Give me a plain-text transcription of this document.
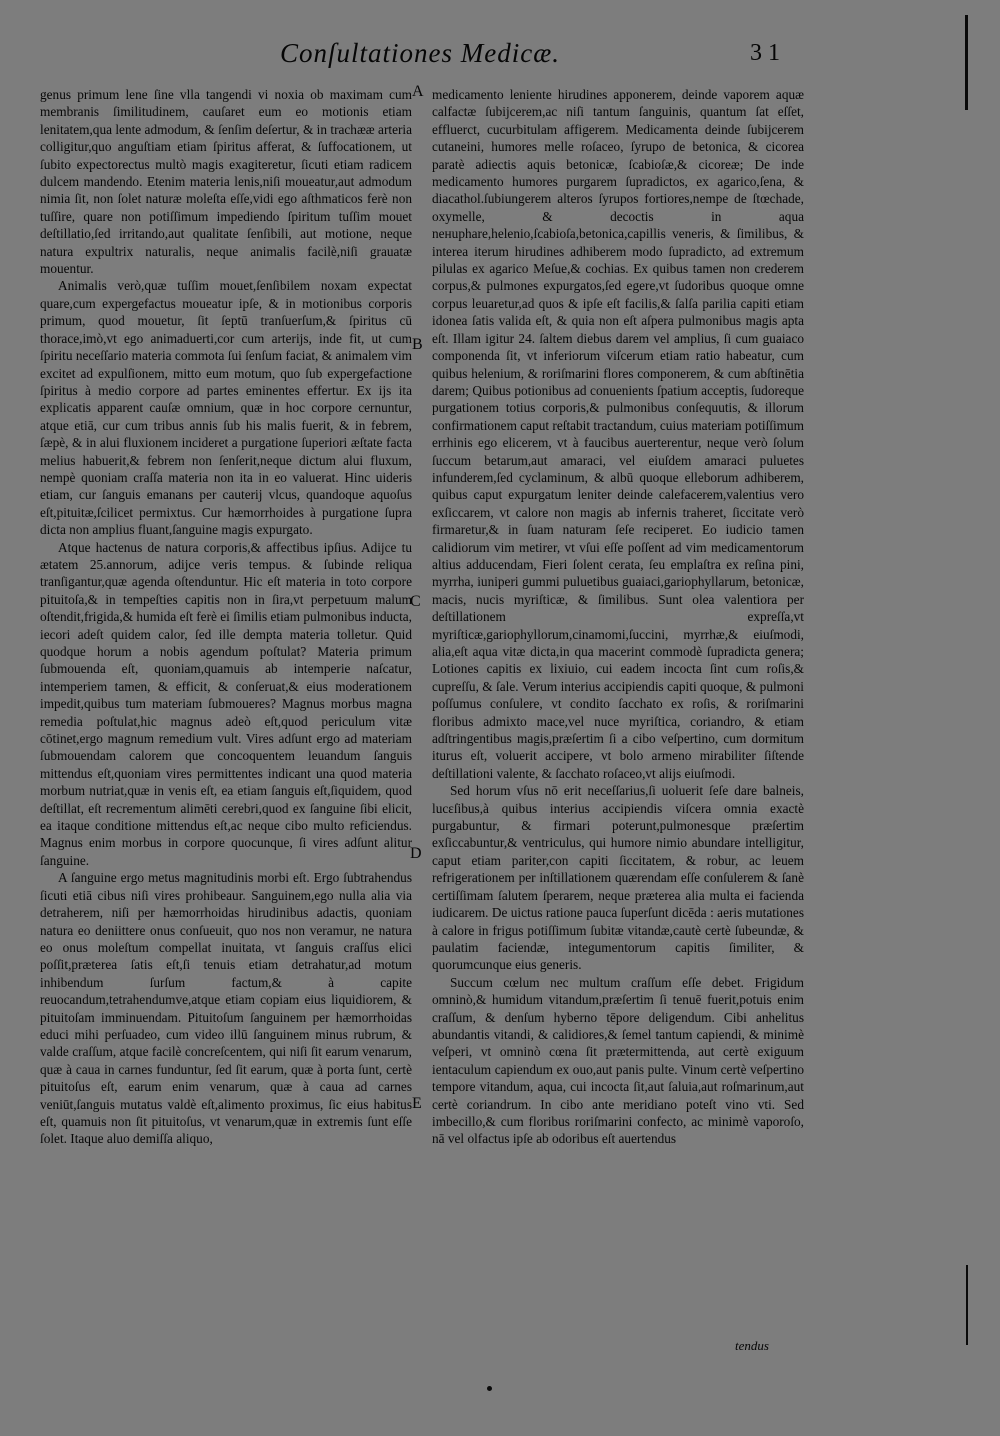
Conſultationes Medicæ.	3 1
A
B
C
D
E

genus primum lene ſine vlla tangendi vi noxia ob maximam cum membranis ſimilitudinem, cauſaret eum eo motionis etiam lenitatem,qua lente admodum, & ſenſim deſertur, & in trachææ arteria colligitur,quo anguſtiam etiam ſpiritus afferat, & ſuffocationem, ut ſubito expectorectus multò magis exagiteretur, ſicuti etiam radicem dulcem mandendo. Etenim materia lenis,niſi moueatur,aut admodum nimia ſit, non ſolet naturæ moleſta eſſe,vidi ego aſthmaticos ferè non tuſſire, quare non potiſſimum impediendo ſpiritum tuſſim mouet deſtillatio,ſed irritando,aut qualitate ſenſibili, aut motione, neque natura expultrix naturalis, neque animalis facilè,niſi grauatæ mouentur.

Animalis verò,quæ tuſſim mouet,ſenſibilem noxam expectat quare,cum expergefactus moueatur ipſe, & in motionibus corporis primum, quod mouetur, ſit ſeptū tranſuerſum,& ſpiritus cū thorace,imò,vt ego animaduerti,cor cum arterijs, inde fit, ut cum ſpiritu neceſſario materia commota ſui ſenſum faciat, & animalem vim excitet ad expulſionem, mitto eum motum, quo ſub expergefactione ſpiritus à medio corpore ad partes eminentes effertur. Ex ijs ita explicatis apparent cauſæ omnium, quæ in hoc corpore cernuntur, atque etiā, cur cum tribus annis ſub his malis fuerit, & in febrem, ſæpè, & in alui fluxionem incideret a purgatione ſuperiori æſtate facta melius habuerit,& febrem non ſenſerit,neque dictum alui fluxum, nempè quoniam craſſa materia non ita in eo valuerat. Hinc uideris etiam, cur ſanguis emanans per cauterij vlcus, quandoque aquoſus eſt,pituitæ,ſcilicet permixtus. Cur hæmorrhoides à purgatione ſupra dicta non amplius fluant,ſanguine magis expurgato.

Atque hactenus de natura corporis,& affectibus ipſius. Adijce tu ætatem 25.annorum, adijce veris tempus. & ſubinde reliqua tranſigantur,quæ agenda oſtenduntur. Hic eſt materia in toto corpore pituitoſa,& in tempeſties capitis non in ſira,vt perpetuum malum oſtendit,frigida,& humida eſt ferè ei ſimilis etiam pulmonibus inducta, iecori adeſt quidem calor, ſed ille dempta materia tolletur. Quid quodque horum a nobis agendum poſtulat? Materia primum ſubmouenda eſt, quoniam,quamuis ab intemperie naſcatur, intemperiem tamen, & efficit, & conſeruat,& eius moderationem impedit,quibus tum materiam ſubmoueres? Magnus morbus magna remedia poſtulat,hic magnus adeò eſt,quod periculum vitæ cōtinet,ergo magnum remedium vult. Vires adſunt ergo ad materiam ſubmouendam calorem que concoquentem leuandum ſanguis mittendus eſt,quoniam vires permittentes indicant una quod materia morbum nutriat,quæ in venis eſt, ea etiam ſanguis eſt,ſiquidem, quod deſtillat, eſt recrementum alimēti cerebri,quod ex ſanguine ſibi elicit, ea itaque conditione mittendus eſt,ac neque cibo multo reficiendus. Magnus enim morbus in corpore quocunque, ſi vires adſunt alitur ſanguine.

A ſanguine ergo metus magnitudinis morbi eſt. Ergo ſubtrahendus ſicuti etiā cibus niſi vires prohibeaur. Sanguinem,ego nulla alia via detraherem, niſi per hæmorrhoidas hirudinibus adactis, quoniam natura eo deniittere onus conſueuit, quo nos non veramur, ne natura eo onus moleſtum compellat inuitata, vt ſanguis craſſus elici poſſit,præterea ſatis eſt,ſi tenuis etiam detrahatur,ad motum inhibendum ſurſum factum,& à capite reuocandum,tetrahendumve,atque etiam copiam eius liquidiorem, & pituitoſam imminuendam. Pituitoſum ſanguinem per hæmorrhoidas educi mihi perſuadeo, cum video illū ſanguinem minus rubrum, & valde craſſum, atque facilè concreſcentem, qui niſi ſit earum venarum, quæ à caua in carnes funduntur, ſed ſit earum, quæ à porta ſunt, certè pituitoſus eſt, earum enim venarum, quæ à caua ad carnes veniūt,ſanguis mutatus valdè eſt,alimento proximus, ſic eius habitus eſt, quamuis non ſit pituitoſus, vt venarum,quæ in extremis ſunt eſſe ſolet. Itaque aluo demiſſa aliquo,

medicamento leniente hirudines apponerem, deinde vaporem aquæ calfactæ ſubijcerem,ac niſi tantum ſanguinis, quantum ſat eſſet, effluerct, cucurbitulam affigerem. Medicamenta deinde ſubijcerem cutaneini, humores melle roſaceo, ſyrupo de betonica, & cicorea paratè adiectis aquis betonicæ, ſcabioſæ,& cicoreæ; De inde medicamento humores purgarem ſupradictos, ex agarico,ſena, & diacathol.ſubiungerem alteros ſyrupos fortiores,nempe de ſtœchade, oxymelle, & decoctis in aqua neнuphare,helenio,ſcabioſa,betonica,capillis veneris, & ſimilibus, & interea iterum hirudines adhiberem modo ſupradicto, ad extremum pilulas ex agarico Meſue,& cochias. Ex quibus tamen non crederem corpus,& pulmones expurgatos,ſed egere,vt ſudoribus quoque omne corpus leuaretur,ad quos & ipſe eſt facilis,& ſalſa parilia capiti etiam idonea ſatis valida eſt, & quia non eſt aſpera pulmonibus magis apta eſt. Illam igitur 24. ſaltem diebus darem vel amplius, ſi cum guaiaco componenda ſit, vt inferiorum viſcerum etiam ratio habeatur, cum quibus helenium, & roriſmarini flores componerem, & cum abſtinētia darem; Quibus potionibus ad conuenients ſpatium acceptis, ſudoreque purgationem totius corporis,& pulmonibus conſequutis, & illorum confirmationem caput reſtabit tractandum, cuius materiam potiſſimum errhinis ego elicerem, vt à faucibus auerterentur, neque verò ſolum ſuccum betarum,aut amaraci, vel eiuſdem amaraci puluetes infunderem,ſed cyclaminum, & albū quoque elleborum adhiberem, quibus caput expurgatum leniter deinde calefacerem,valentius vero exſiccarem, vt calore non magis ab infernis traheret, ſiccitate verò firmaretur,& in ſuam naturam ſeſe reciperet. Eo iudicio tamen calidiorum vim metirer, vt vſui eſſe poſſent ad vim medicamentorum altius adducendam, Fieri ſolent cerata, ſeu emplaſtra ex reſina pini, myrrha, iuniperi gummi puluetibus guaiaci,gariophyllarum, betonicæ, macis, nucis myriſticæ, & ſimilibus. Sunt olea valentiora per deſtillationem expreſſa,vt myriſticæ,gariophyllorum,cinamomi,ſuccini, myrrhæ,& eiuſmodi, alia,eſt aqua vitæ dicta,in qua macerint commodè ſupradicta genera; Lotiones capitis ex lixiuio, cui eadem incocta ſint cum roſis,& cupreſſu, & ſale. Verum interius accipiendis capiti quoque, & pulmoni poſſumus conſulere, vt condito ſacchato ex roſis, & roriſmarini floribus admixto mace,vel nuce myriſtica, coriandro, & etiam adſtringentibus magis,præſertim ſi a cibo veſpertino, cum dormitum iturus eſt, voluerit accipere, vt bolo armeno mirabiliter ſiſtende deſtillationi valente, & ſacchato roſaceo,vt alijs eiuſmodi.

Sed horum vſus nō erit neceſſarius,ſi uoluerit ſeſe dare balneis, lucεſibus,à quibus interius accipiendis viſcera omnia exactè purgabuntur, & firmari poterunt,pulmonesque præſertim exſiccabuntur,& ventriculus, qui humore nimio abundare intelligitur, caput etiam pariter,con capiti ſiccitatem, & robur, ac leuem refrigerationem per inſtillationem quærendam eſſe conſulerem & ſanè certiſſimam ſalutem ſperarem, neque præterea alia multa ei facienda iudicarem. De uictus ratione pauca ſuperſunt dicēda : aeris mutationes à calore in frigus potiſſimum ſubitæ vitandæ,cautè certè ſubeundæ, & paulatim faciendæ, integumentorum capitis ſimiliter, & quorumcunque eius generis.

Succum cœlum nec multum craſſum eſſe debet. Frigidum omninò,& humidum vitandum,præſertim ſi tenuē fuerit,potuis enim craſſum, & denſum hyberno tēpore deligendum. Cibi anhelitus abundantis vitandi, & calidiores,& ſemel tantum capiendi, & minimè veſperi, vt omninò cœna ſit prætermittenda, aut certè exiguum ientaculum capiendum ex ouo,aut panis pulte. Vinum certè veſpertino tempore vitandum, aqua, cui incocta ſit,aut ſaluia,aut roſmarinum,aut certè coriandrum. In cibo ante meridiano poteſt vino vti. Sed imbecillo,& cum floribus roriſmarini confecto, ac minimè vaporoſo, nā vel olfactus ipſe ab odoribus eſt auertendus

tendus
